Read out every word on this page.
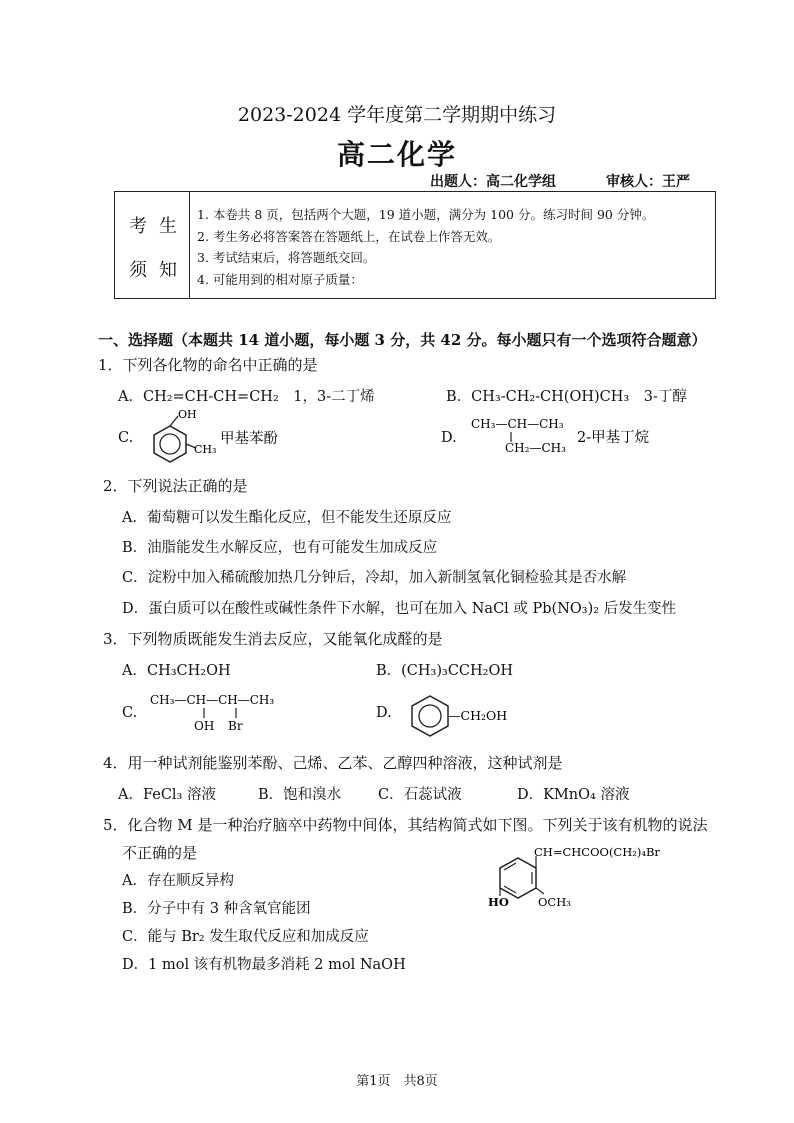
2023-2024 学年度第二学期期中练习
高二化学
出题人：高二化学组	审核人：王严
考生
须知
1. 本卷共 8 页，包括两个大题，19 道小题，满分为 100 分。练习时间 90 分钟。
2. 考生务必将答案答在答题纸上，在试卷上作答无效。
3. 考试结束后，将答题纸交回。
4. 可能用到的相对原子质量：
一、选择题（本题共 14 道小题，每小题 3 分，共 42 分。每小题只有一个选项符合题意）
1．下列各化物的命名中正确的是
A．CH₂=CH-CH=CH₂　1，3-二丁烯	B．CH₃-CH₂-CH(OH)CH₃　3-丁醇
C.
OH
CH₃
甲基苯酚	D.
CH₃—CH—CH₃
CH₂—CH₃
2-甲基丁烷
2．下列说法正确的是
A．葡萄糖可以发生酯化反应，但不能发生还原反应
B．油脂能发生水解反应，也有可能发生加成反应
C．淀粉中加入稀硫酸加热几分钟后，冷却，加入新制氢氧化铜检验其是否水解
D．蛋白质可以在酸性或碱性条件下水解，也可在加入 NaCl 或 Pb(NO₃)₂ 后发生变性
3．下列物质既能发生消去反应，又能氧化成醛的是
A．CH₃CH₂OH	B．(CH₃)₃CCH₂OH
C.
CH₃—CH—CH—CH₃
OH Br
D.	—CH₂OH
4．用一种试剂能鉴别苯酚、己烯、乙苯、乙醇四种溶液，这种试剂是
A．FeCl₃ 溶液	B．饱和溴水	C．石蕊试液	D．KMnO₄ 溶液
5．化合物 M 是一种治疗脑卒中药物中间体，其结构简式如下图。下列关于该有机物的说法
不正确的是
A．存在顺反异构
B．分子中有 3 种含氧官能团
C．能与 Br₂ 发生取代反应和加成反应
D．1 mol 该有机物最多消耗 2 mol NaOH
CH=CHCOO(CH₂)₄Br
HO	OCH₃
第1页　共8页
